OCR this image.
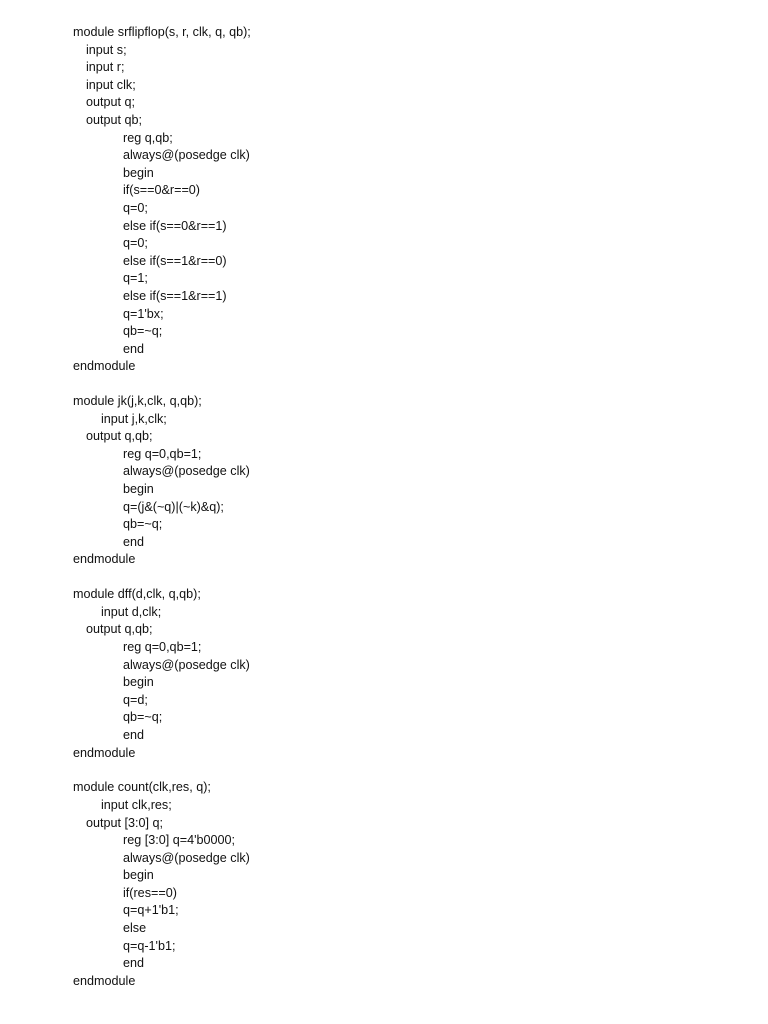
module srflipflop(s, r, clk, q, qb);
input s;
input r;
input clk;
output q;
output qb;
reg q,qb;
always@(posedge clk)
begin
if(s==0&r==0)
q=0;
else if(s==0&r==1)
q=0;
else if(s==1&r==0)
q=1;
else if(s==1&r==1)
q=1'bx;
qb=~q;
end
endmodule
module jk(j,k,clk, q,qb);
input j,k,clk;
output q,qb;
reg q=0,qb=1;
always@(posedge clk)
begin
q=(j&(~q)|(~k)&q);
qb=~q;
end
endmodule
module dff(d,clk, q,qb);
input d,clk;
output q,qb;
reg q=0,qb=1;
always@(posedge clk)
begin
q=d;
qb=~q;
end
endmodule
module count(clk,res, q);
input clk,res;
output [3:0] q;
reg [3:0] q=4'b0000;
always@(posedge clk)
begin
if(res==0)
q=q+1'b1;
else
q=q-1'b1;
end
endmodule
